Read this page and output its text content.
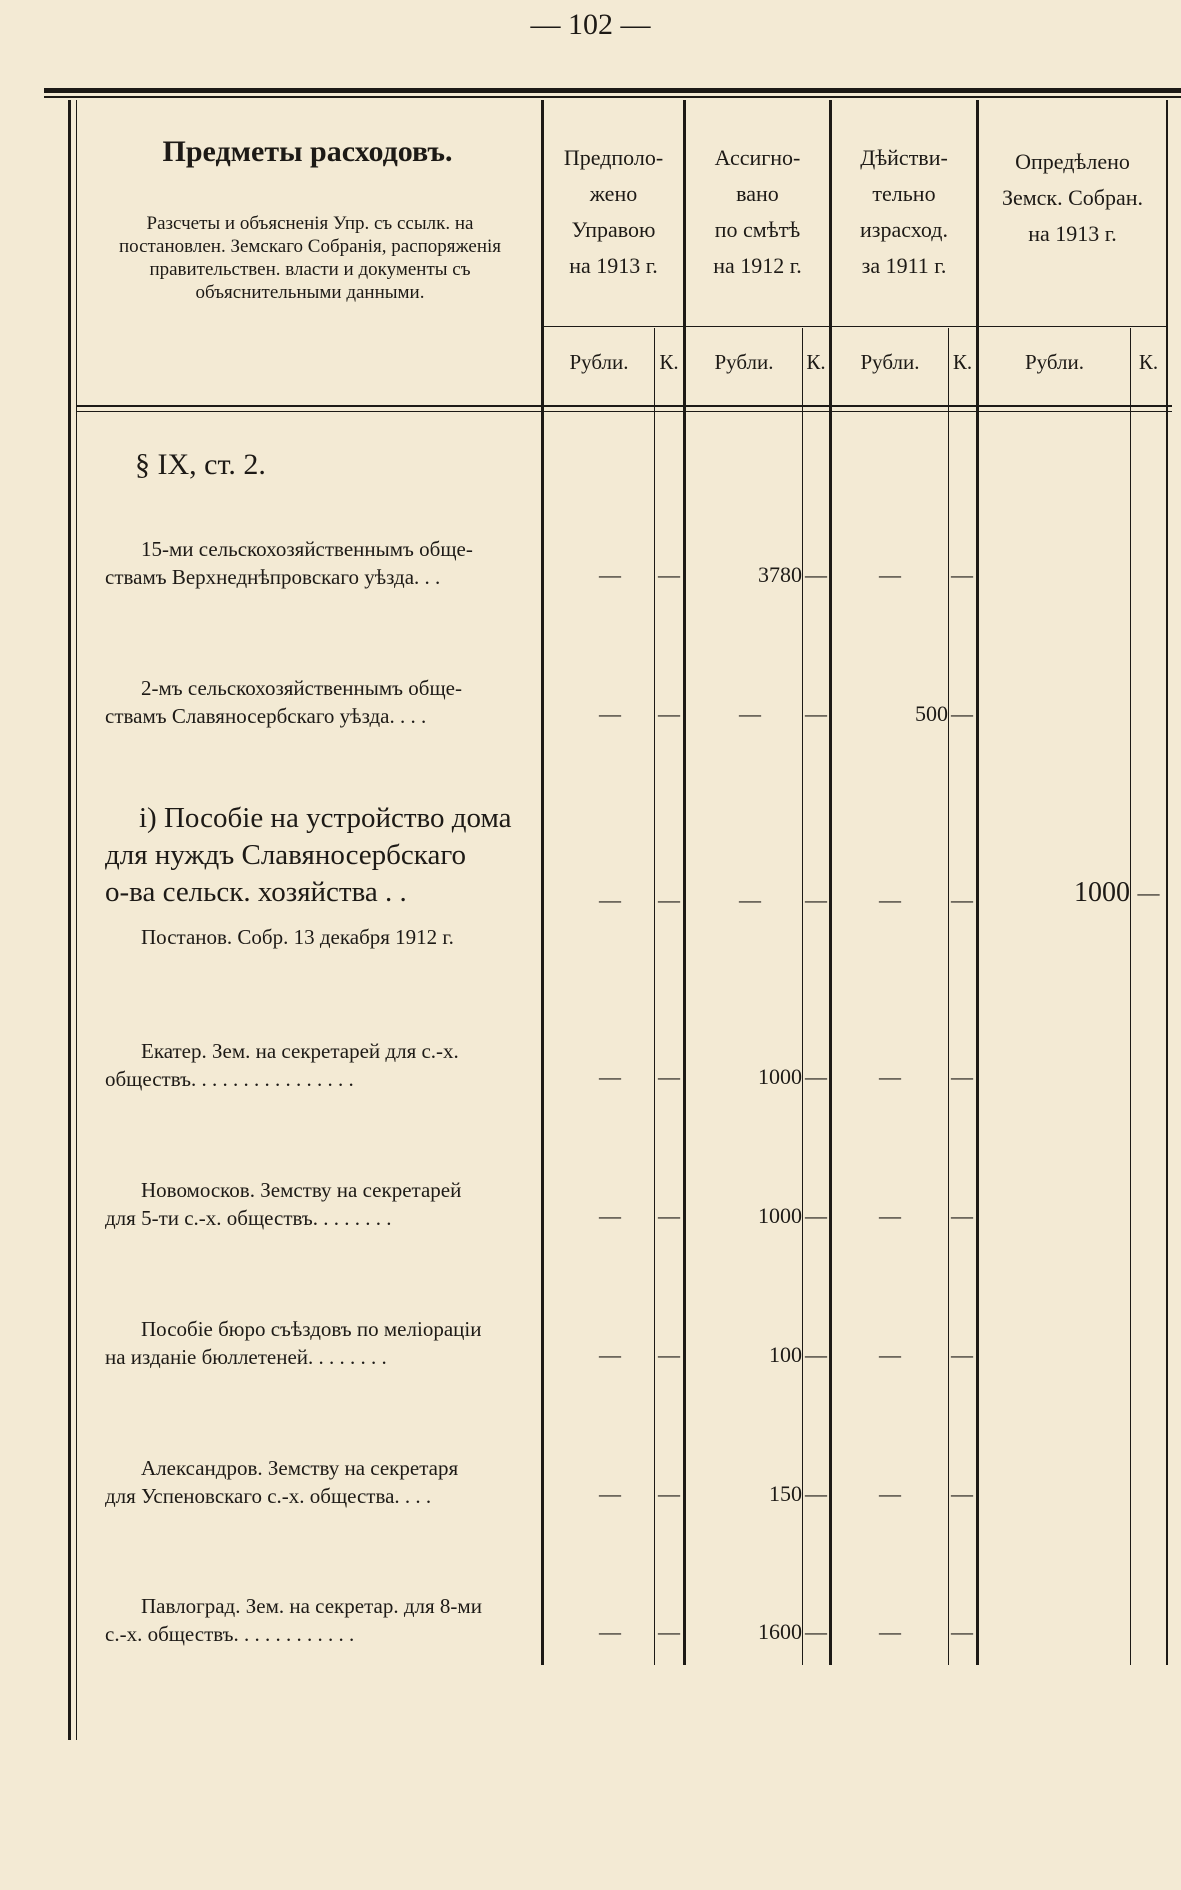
— 102 —
Предметы расходовъ.
Разсчеты и объясненія Упр. съ ссылк. на постановлен. Земскаго Собранія, распоряженія правительствен. власти и документы съ объяснительными данными.
Предполо-
жено
Управою
на 1913 г.
Ассигно-
вано
по смѣтѣ
на 1912 г.
Дѣйстви-
тельно
израсход.
за 1911 г.
Опредѣлено
Земск. Собран.
на 1913 г.
Рубли.	К.	Рубли.	К.	Рубли.	К.	Рубли.	К.
§ IX, ст. 2.
15-ми сельскохозяйственнымъ обще-
ствамъ Верхнеднѣпровскаго уѣзда. . .	—	—	3780 —	—	—
2-мъ сельскохозяйственнымъ обще-
ствамъ Славяносербскаго уѣзда. . . .	—	—	—	—	500 —
і) Пособіе на устройство дома
для нуждъ Славяносербскаго
о-ва сельск. хозяйства . .
Постанов. Собр. 13 декабря 1912 г.
—	—	—	—	—	—	1000 —
Екатер. Зем. на секретарей для с.-х.
обществъ. . . . . . . . . . . . . . . .	—	—	1000 —	—	—
Новомосков. Земству на секретарей
для 5-ти с.-х. обществъ. . . . . . . .	—	—	1000 —	—	—
Пособіе бюро съѣздовъ по меліораціи
на изданіе бюллетеней. . . . . . . .	—	—	100 —	—	—
Александров. Земству на секретаря
для Успеновскаго с.-х. общества. . . .	—	—	150 —	—	—
Павлоград. Зем. на секретар. для 8-ми
с.-х. обществъ. . . . . . . . . . . .	—	—	1600 —	—	—
